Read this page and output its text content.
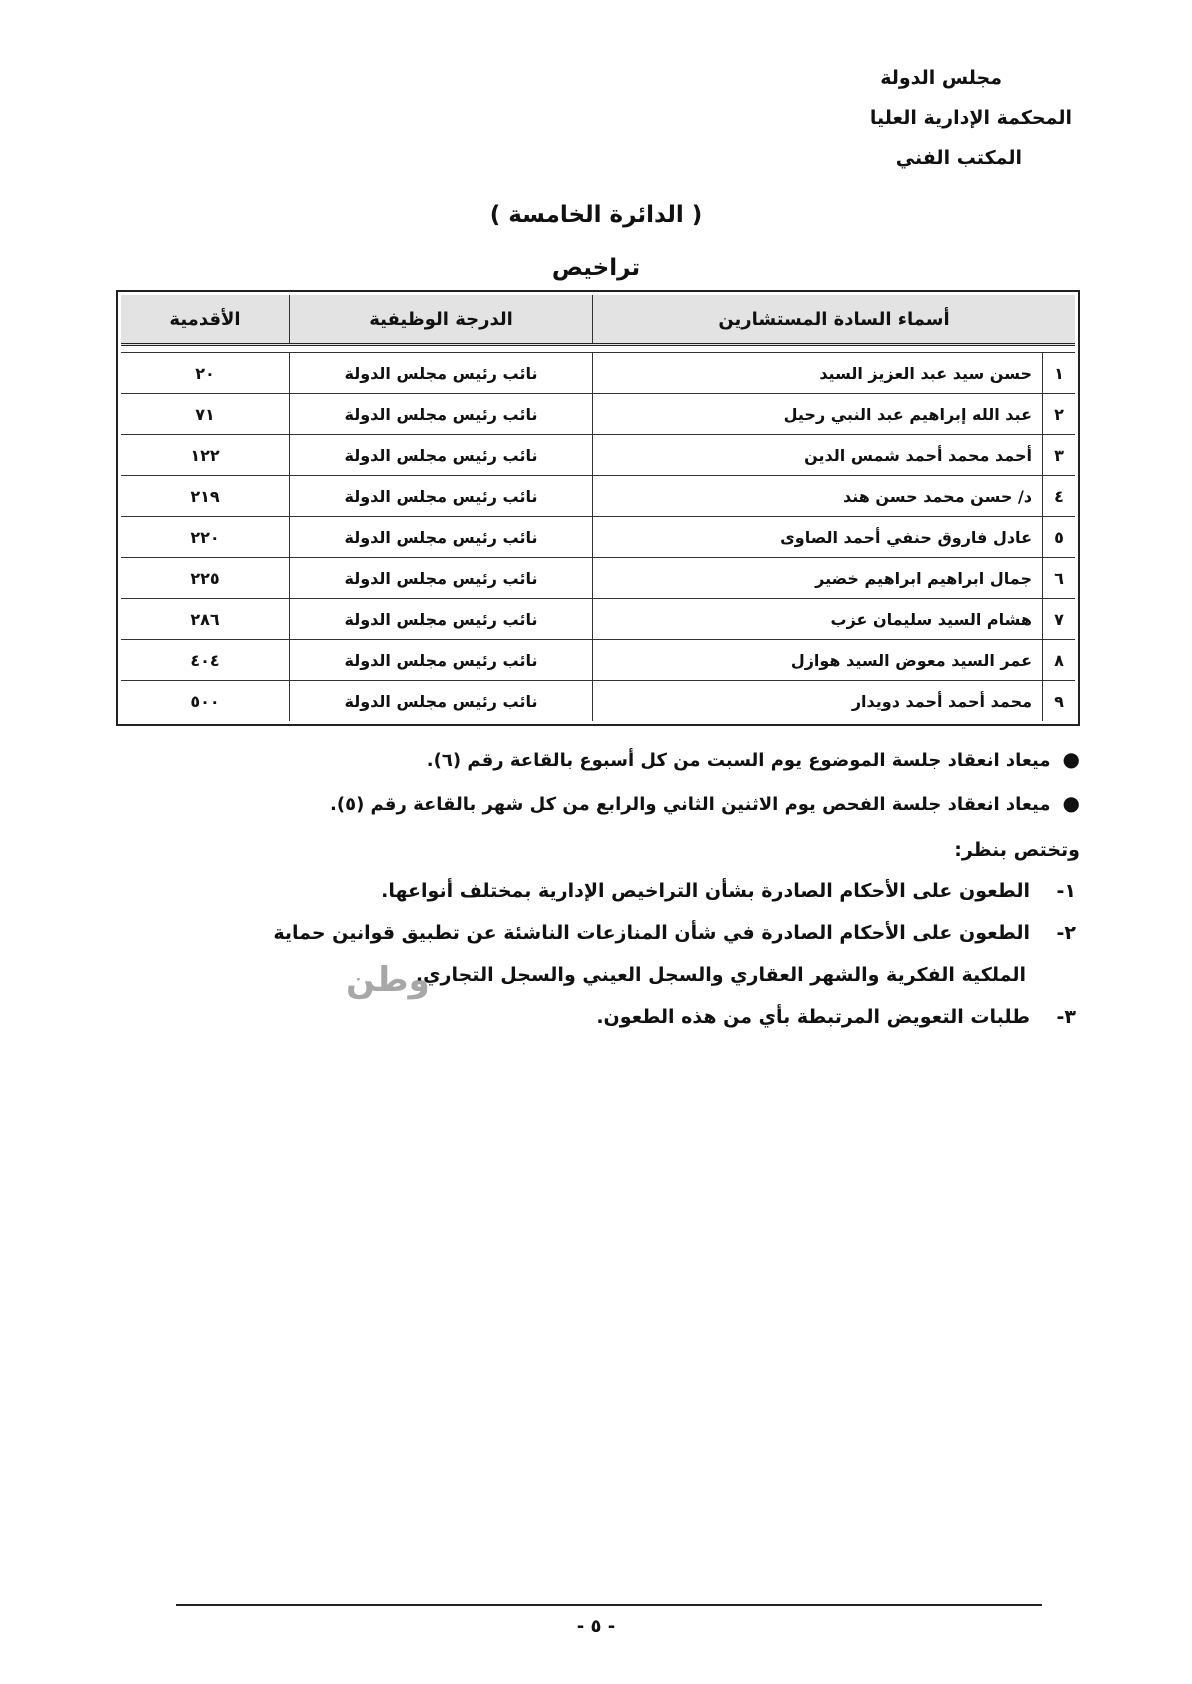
مجلس الدولة
المحكمة الإدارية العليا
المكتب الفني
( الدائرة الخامسة )
تراخيص
أسماء السادة المستشارين		الدرجة الوظيفية	الأقدمية

١	حسن سيد عبد العزيز السيد	نائب رئيس مجلس الدولة	٢٠
٢	عبد الله إبراهيم عبد النبي رحيل	نائب رئيس مجلس الدولة	٧١
٣	أحمد محمد أحمد شمس الدين	نائب رئيس مجلس الدولة	١٢٢
٤	د/ حسن محمد حسن هند	نائب رئيس مجلس الدولة	٢١٩
٥	عادل فاروق حنفي أحمد الصاوى	نائب رئيس مجلس الدولة	٢٢٠
٦	جمال ابراهيم ابراهيم خضير	نائب رئيس مجلس الدولة	٢٢٥
٧	هشام السيد سليمان عزب	نائب رئيس مجلس الدولة	٢٨٦
٨	عمر السيد معوض السيد هوازل	نائب رئيس مجلس الدولة	٤٠٤
٩	محمد أحمد أحمد دويدار	نائب رئيس مجلس الدولة	٥٠٠
●ميعاد انعقاد جلسة الموضوع يوم السبت من كل أسبوع بالقاعة رقم (٦).
●ميعاد انعقاد جلسة الفحص يوم الاثنين الثاني والرابع من كل شهر بالقاعة رقم (٥).
وتختص بنظر:
١-الطعون على الأحكام الصادرة بشأن التراخيص الإدارية بمختلف أنواعها.
٢-الطعون على الأحكام الصادرة في شأن المنازعات الناشئة عن تطبيق قوانين حماية
الملكية الفكرية والشهر العقاري والسجل العيني والسجل التجاري.
٣-طلبات التعويض المرتبطة بأي من هذه الطعون.
وطن
- ٥ -
